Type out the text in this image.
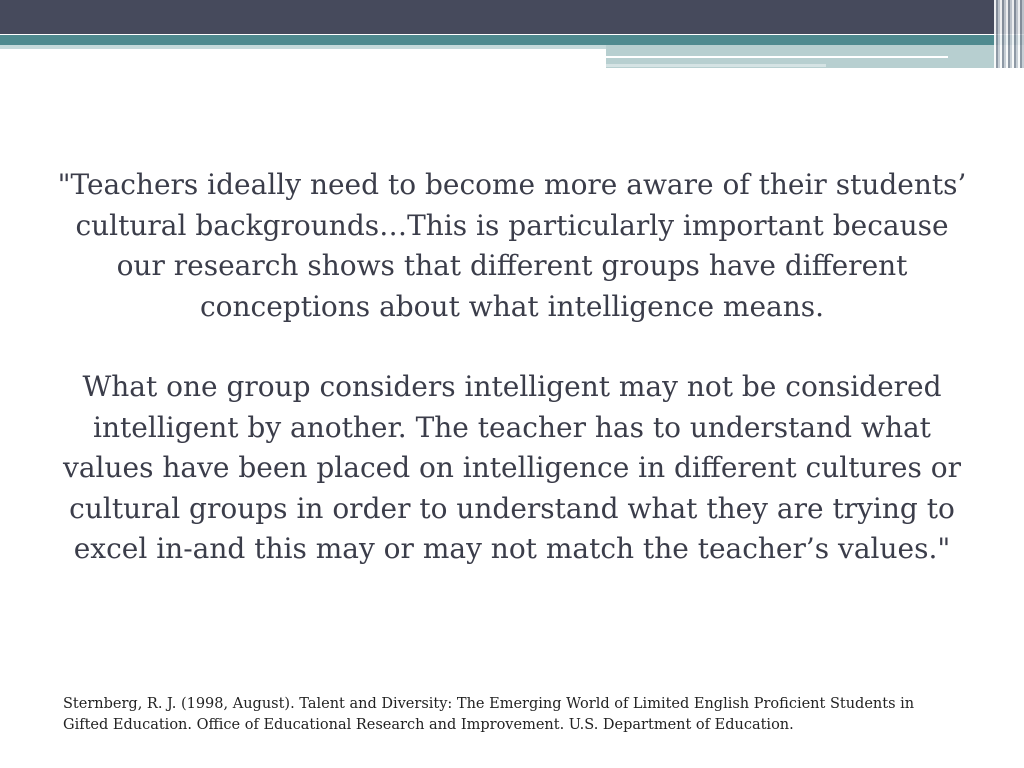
"Teachers ideally need to become more aware of their students’ cultural backgrounds…This is particularly important because our research shows that different groups have different conceptions about what intelligence means.

What one group considers intelligent may not be considered intelligent by another. The teacher has to understand what values have been placed on intelligence in different cultures or cultural groups in order to understand what they are trying to excel in-and this may or may not match the teacher’s values."

Sternberg, R. J. (1998, August). Talent and Diversity: The Emerging World of Limited English Proficient Students in Gifted Education. Office of Educational Research and Improvement. U.S. Department of Education.
